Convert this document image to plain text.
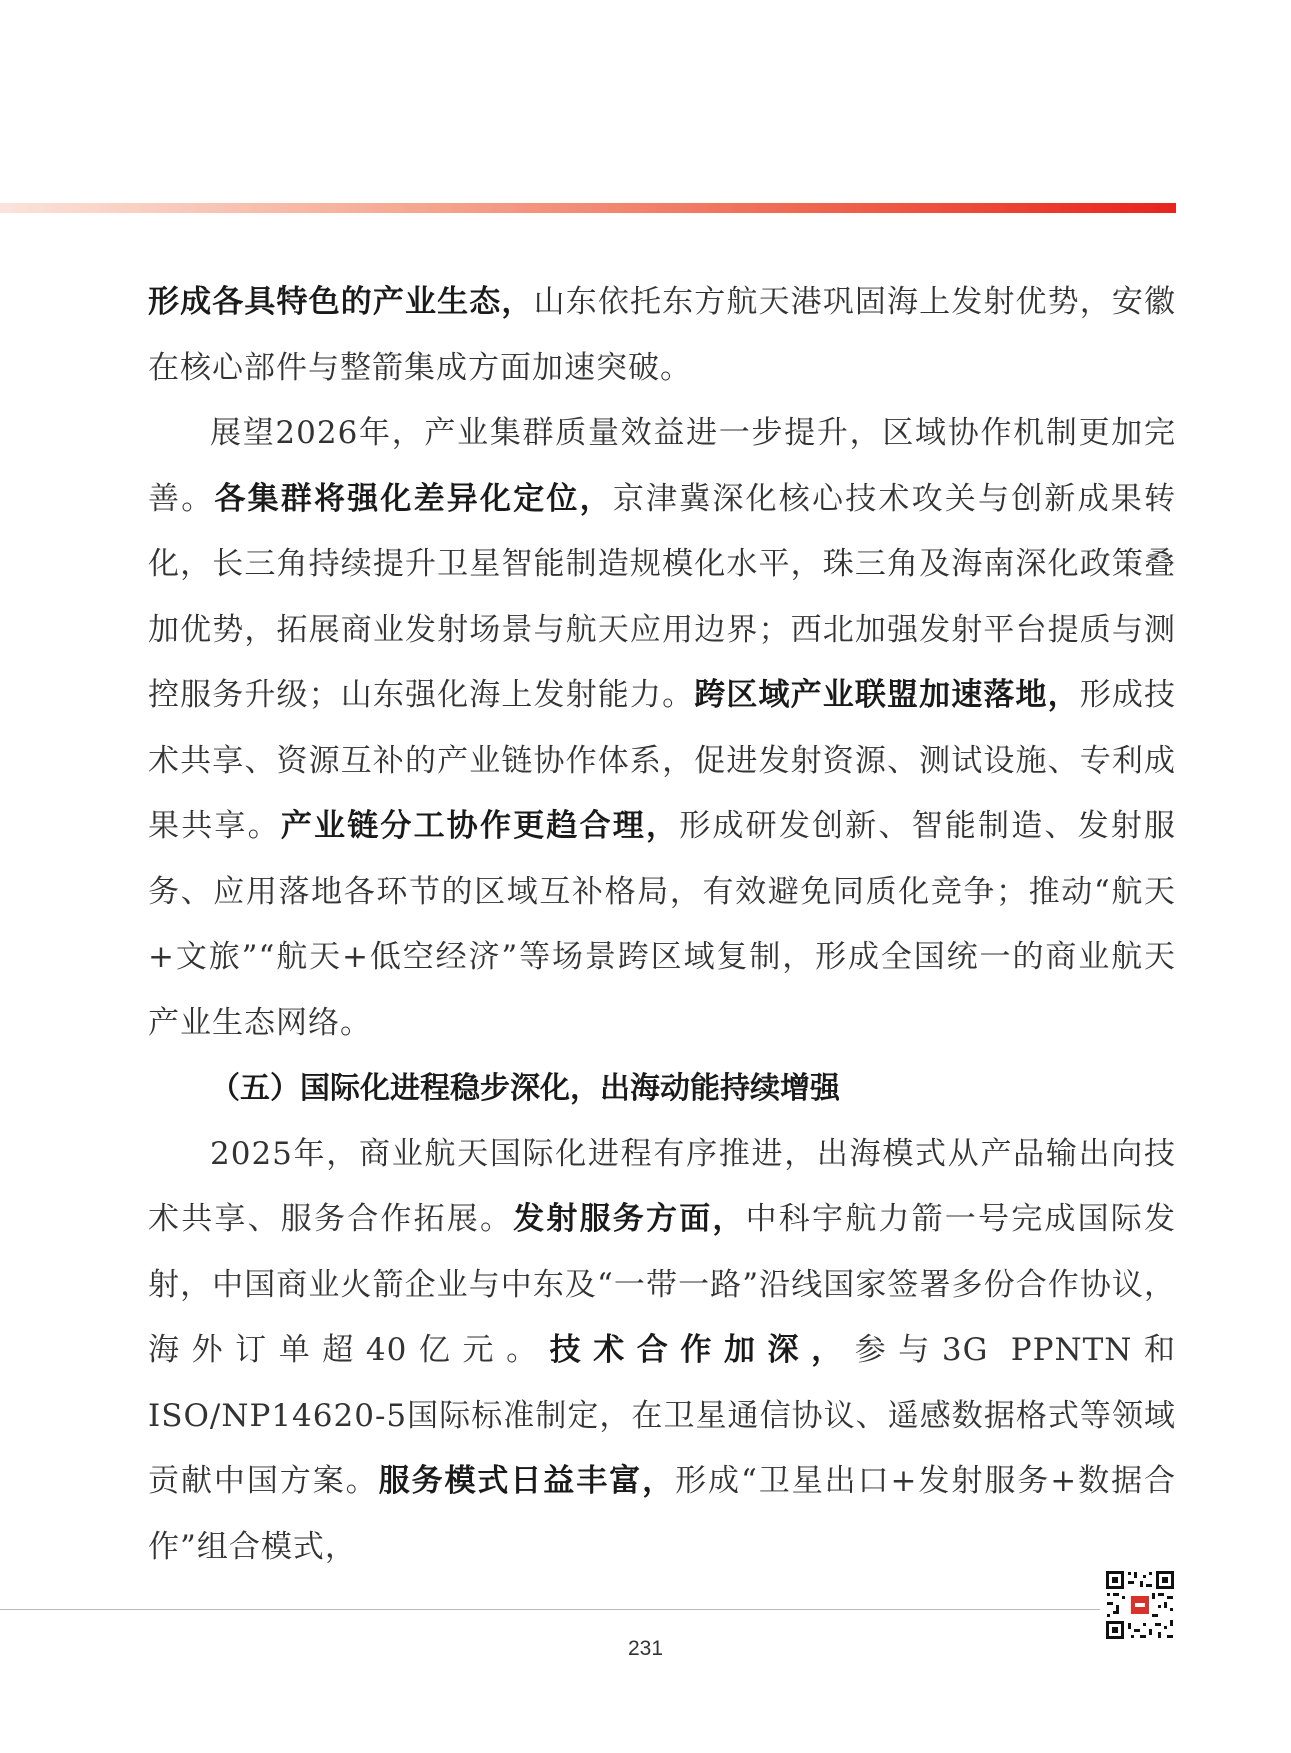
形成各具特色的产业生态，山东依托东方航天港巩固海上发射优势，安徽在核心部件与整箭集成方面加速突破。

展望2026年，产业集群质量效益进一步提升，区域协作机制更加完善。各集群将强化差异化定位，京津冀深化核心技术攻关与创新成果转化，长三角持续提升卫星智能制造规模化水平，珠三角及海南深化政策叠加优势，拓展商业发射场景与航天应用边界；西北加强发射平台提质与测控服务升级；山东强化海上发射能力。跨区域产业联盟加速落地，形成技术共享、资源互补的产业链协作体系，促进发射资源、测试设施、专利成果共享。产业链分工协作更趋合理，形成研发创新、智能制造、发射服务、应用落地各环节的区域互补格局，有效避免同质化竞争；推动“航天+文旅”“航天+低空经济”等场景跨区域复制，形成全国统一的商业航天产业生态网络。

（五）国际化进程稳步深化，出海动能持续增强

2025年，商业航天国际化进程有序推进，出海模式从产品输出向技术共享、服务合作拓展。发射服务方面，中科宇航力箭一号完成国际发射，中国商业火箭企业与中东及“一带一路”沿线国家签署多份合作协议，海外订单超40亿元。技术合作加深，参与3G PPNTN和ISO/NP14620-5国际标准制定，在卫星通信协议、遥感数据格式等领域贡献中国方案。服务模式日益丰富，形成“卫星出口+发射服务+数据合作”组合模式，

231
